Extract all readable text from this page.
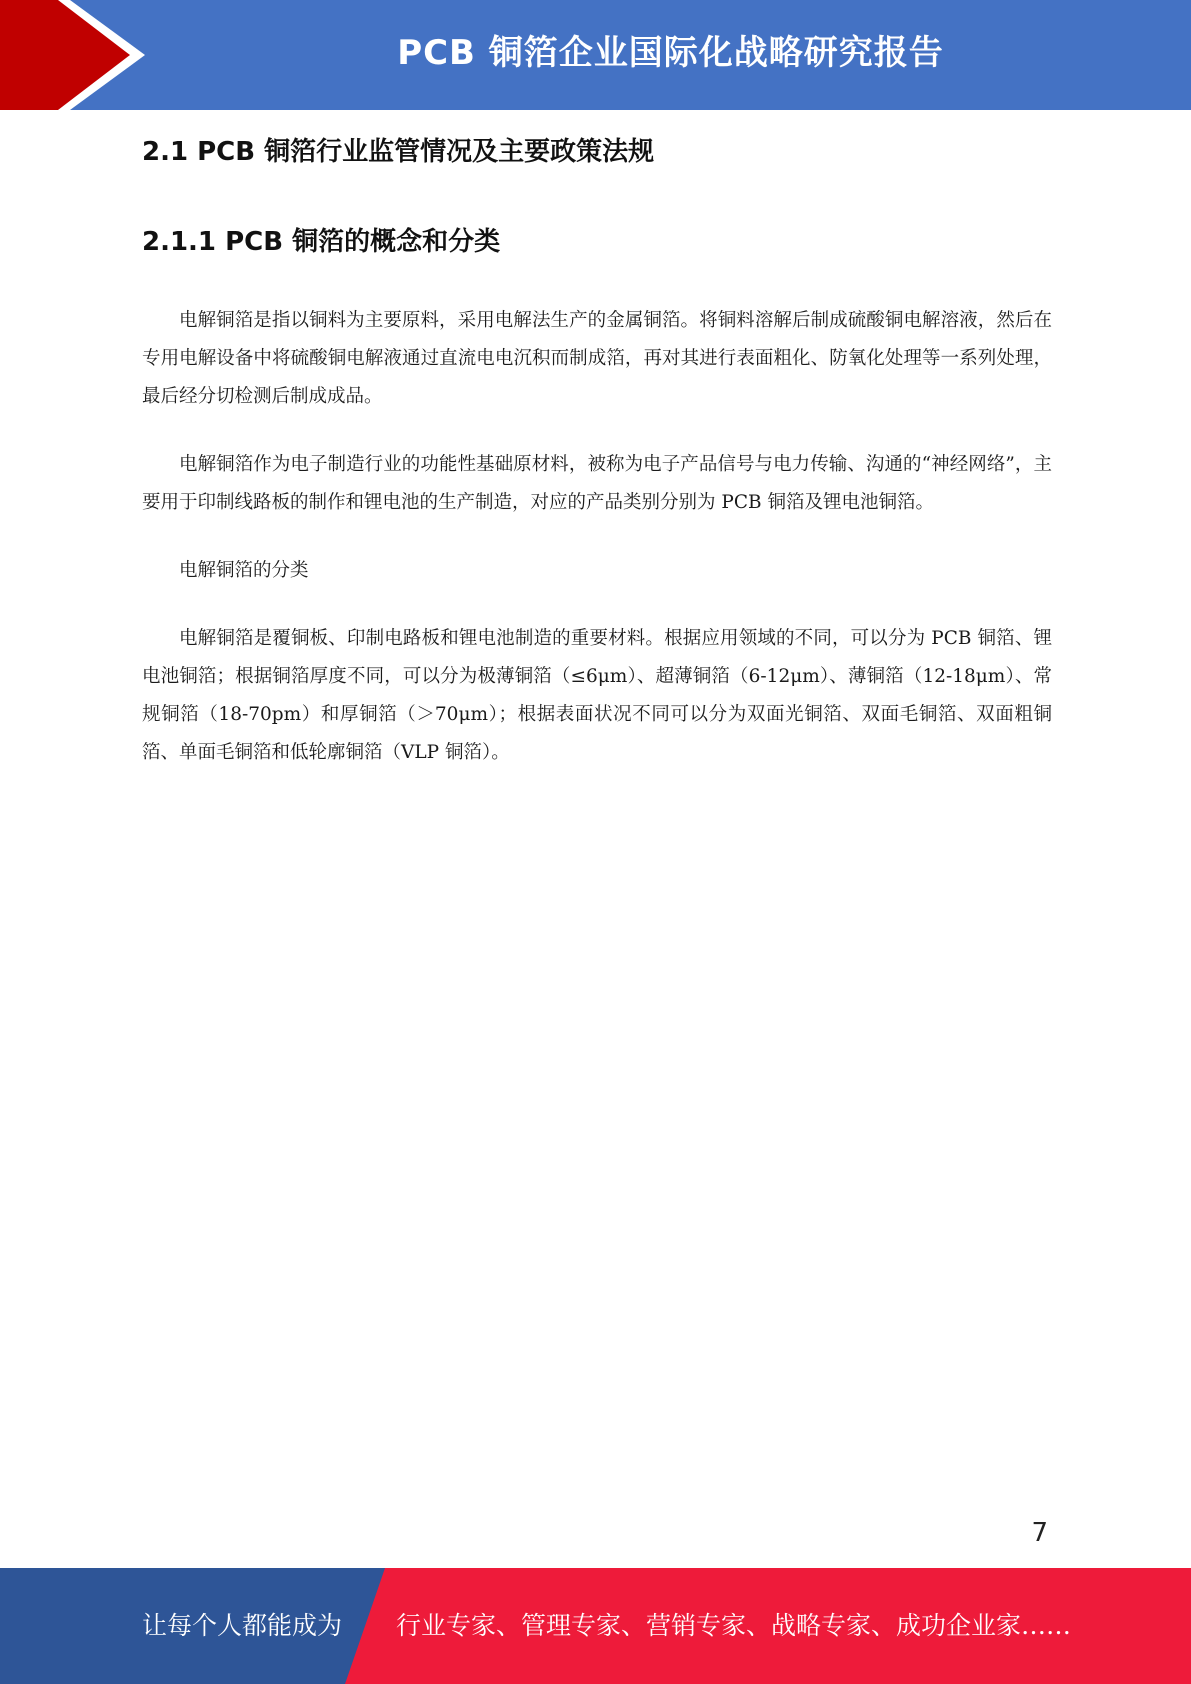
PCB 铜箔企业国际化战略研究报告
2.1 PCB 铜箔行业监管情况及主要政策法规
2.1.1 PCB 铜箔的概念和分类

电解铜箔是指以铜料为主要原料，采用电解法生产的金属铜箔。将铜料溶解后制成硫酸铜电解溶液，然后在专用电解设备中将硫酸铜电解液通过直流电电沉积而制成箔，再对其进行表面粗化、防氧化处理等一系列处理，最后经分切检测后制成成品。

电解铜箔作为电子制造行业的功能性基础原材料，被称为电子产品信号与电力传输、沟通的“神经网络”，主要用于印制线路板的制作和锂电池的生产制造，对应的产品类别分别为 PCB 铜箔及锂电池铜箔。

电解铜箔的分类

电解铜箔是覆铜板、印制电路板和锂电池制造的重要材料。根据应用领域的不同，可以分为 PCB 铜箔、锂电池铜箔；根据铜箔厚度不同，可以分为极薄铜箔（≤6μm）、超薄铜箔（6-12μm）、薄铜箔（12-18μm）、常规铜箔（18-70pm）和厚铜箔（＞70μm）；根据表面状况不同可以分为双面光铜箔、双面毛铜箔、双面粗铜箔、单面毛铜箔和低轮廓铜箔（VLP 铜箔）。

7
让每个人都能成为 行业专家、管理专家、营销专家、战略专家、成功企业家……
